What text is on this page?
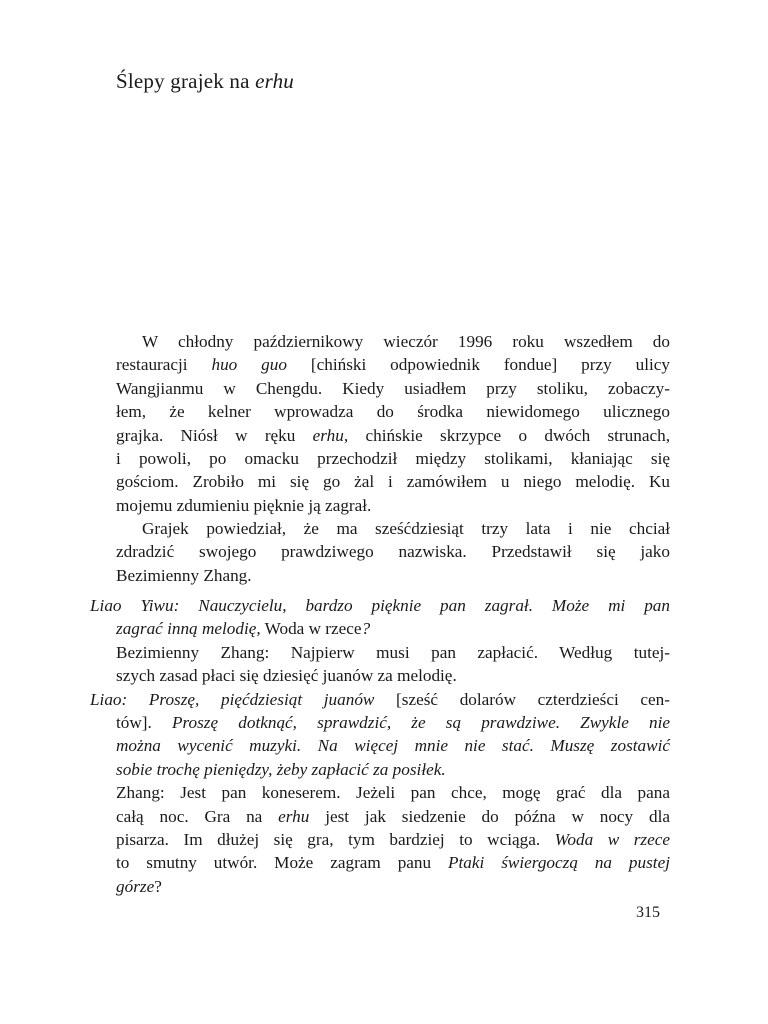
Ślepy grajek na erhu
W chłodny październikowy wieczór 1996 roku wszedłem do
restauracji huo guo [chiński odpowiednik fondue] przy ulicy
Wangjianmu w Chengdu. Kiedy usiadłem przy stoliku, zobaczy-
łem, że kelner wprowadza do środka niewidomego ulicznego
grajka. Niósł w ręku erhu, chińskie skrzypce o dwóch strunach,
i powoli, po omacku przechodził między stolikami, kłaniając się
gościom. Zrobiło mi się go żal i zamówiłem u niego melodię. Ku
mojemu zdumieniu pięknie ją zagrał.
Grajek powiedział, że ma sześćdziesiąt trzy lata i nie chciał
zdradzić swojego prawdziwego nazwiska. Przedstawił się jako
Bezimienny Zhang.
Liao Yiwu: Nauczycielu, bardzo pięknie pan zagrał. Może mi pan
zagrać inną melodię, Woda w rzece?
Bezimienny Zhang: Najpierw musi pan zapłacić. Według tutej-
szych zasad płaci się dziesięć juanów za melodię.
Liao: Proszę, pięćdziesiąt juanów [sześć dolarów czterdzieści cen-
tów]. Proszę dotknąć, sprawdzić, że są prawdziwe. Zwykle nie
można wycenić muzyki. Na więcej mnie nie stać. Muszę zostawić
sobie trochę pieniędzy, żeby zapłacić za posiłek.
Zhang: Jest pan koneserem. Jeżeli pan chce, mogę grać dla pana
całą noc. Gra na erhu jest jak siedzenie do późna w nocy dla
pisarza. Im dłużej się gra, tym bardziej to wciąga. Woda w rzece
to smutny utwór. Może zagram panu Ptaki świergoczą na pustej
górze?
315
